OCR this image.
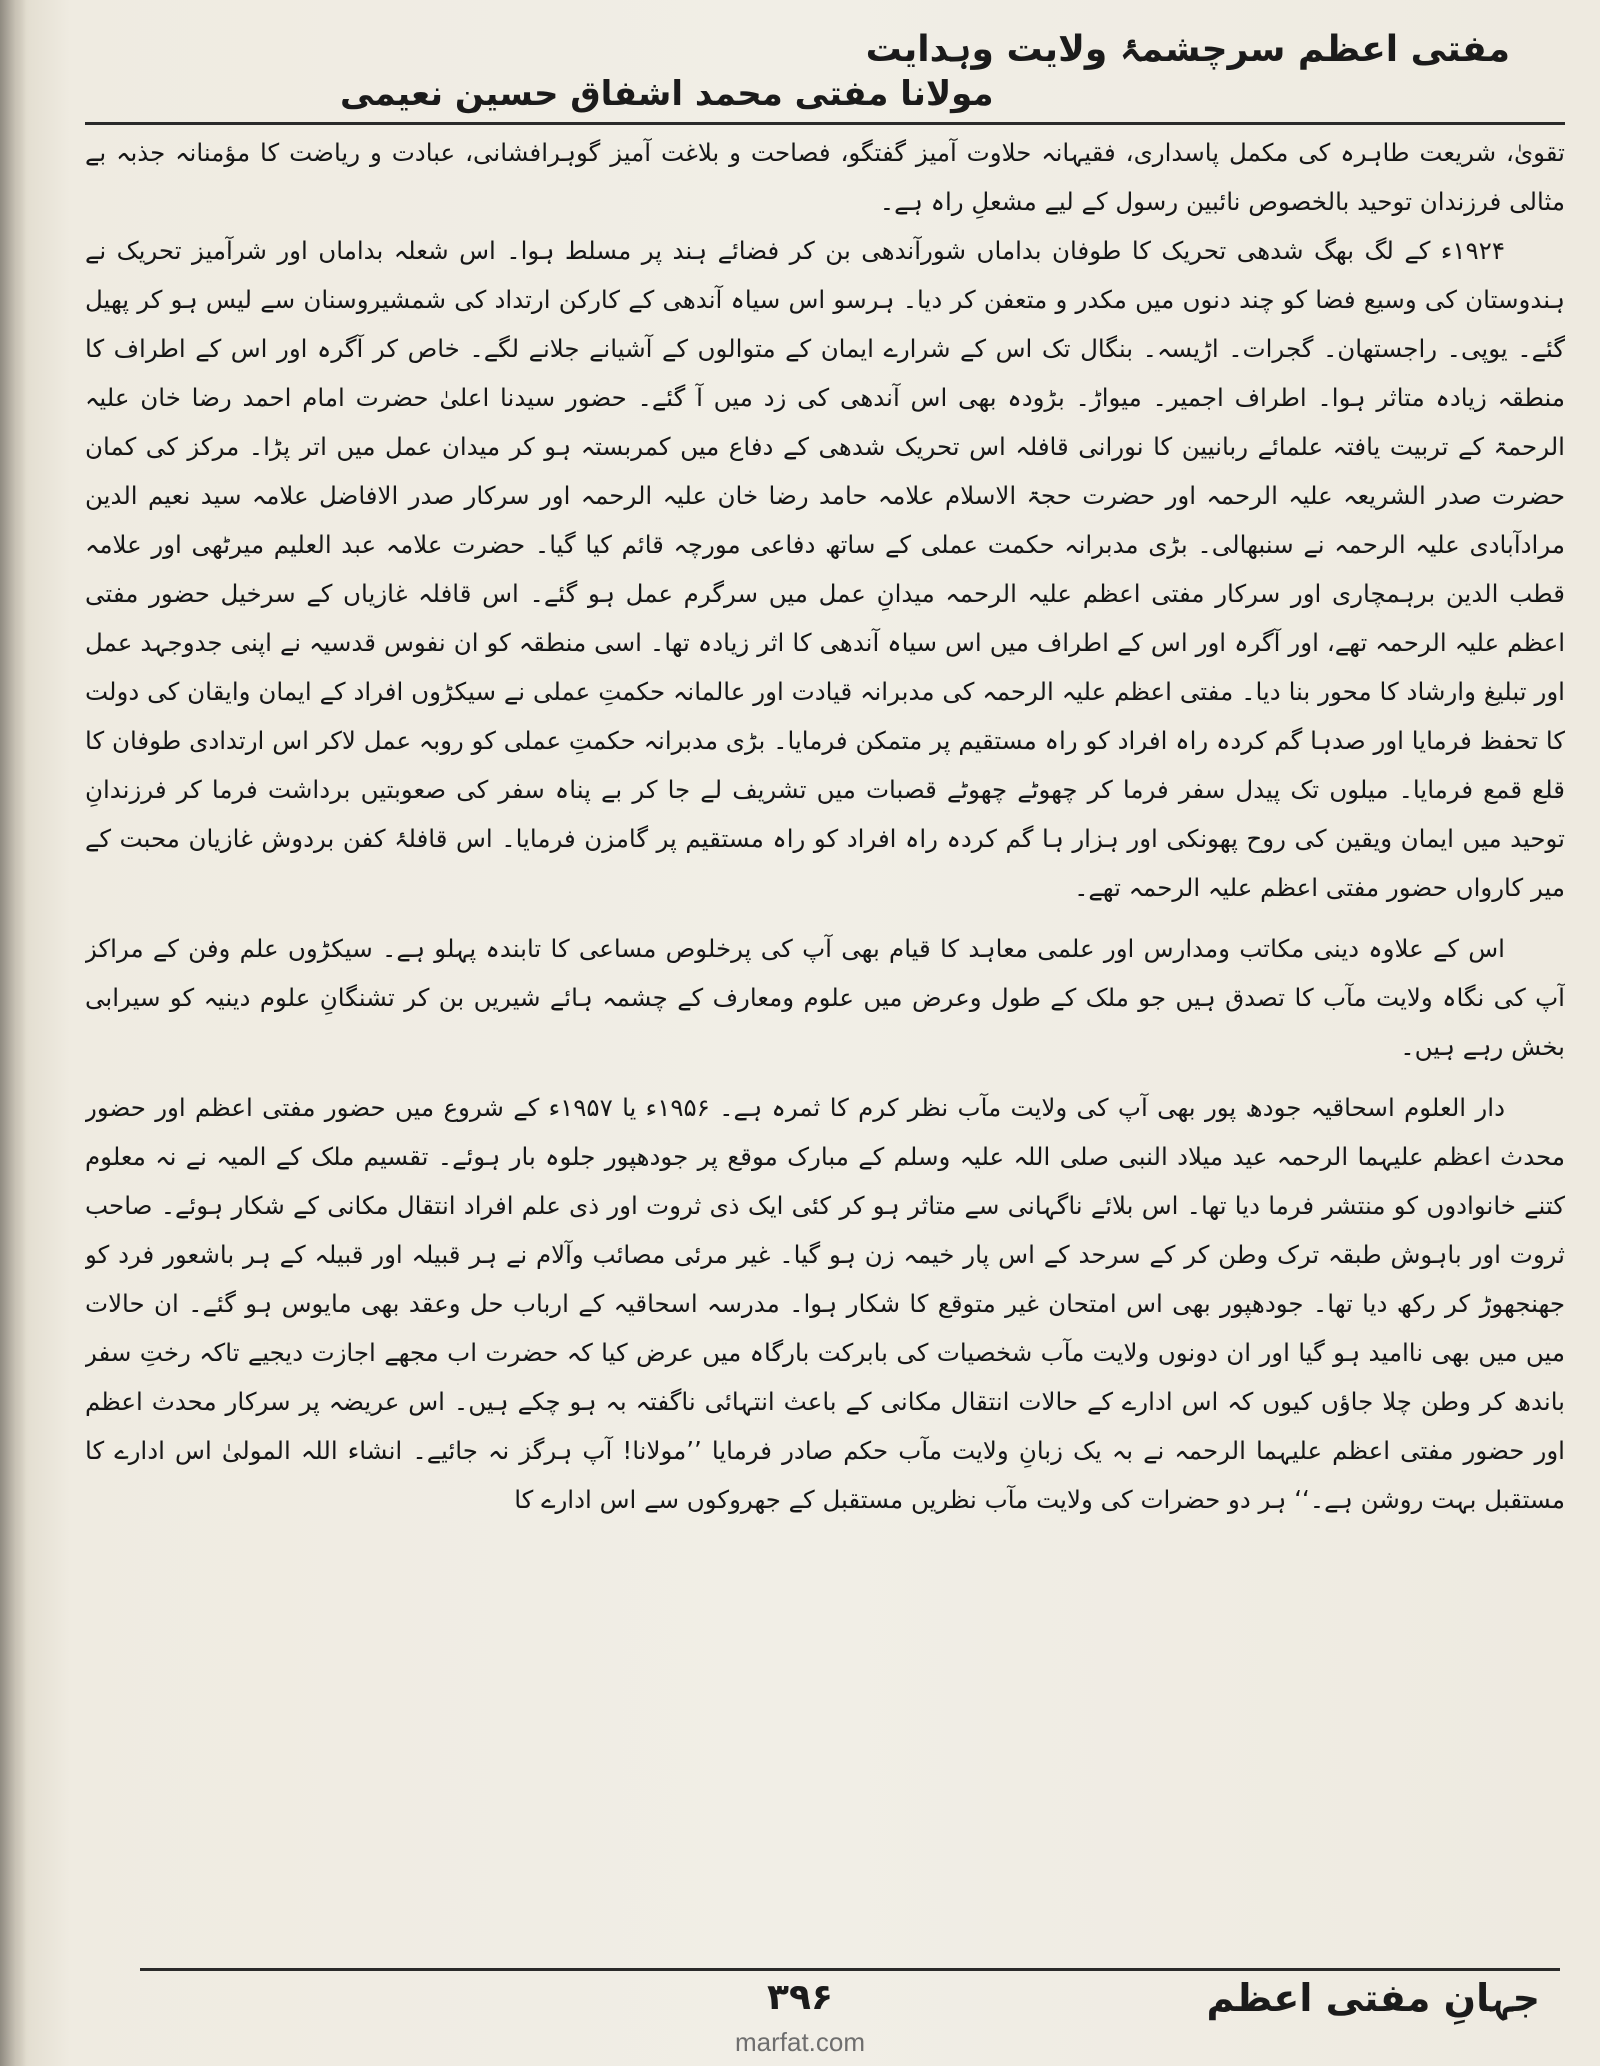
مفتی اعظم سرچشمۂ ولایت وہدایت
مولانا مفتی محمد اشفاق حسین نعیمی

تقویٰ، شریعت طاہرہ کی مکمل پاسداری، فقیہانہ حلاوت آمیز گفتگو، فصاحت و بلاغت آمیز گوہرافشانی، عبادت و ریاضت کا مؤمنانہ جذبہ بے مثالی فرزندان توحید بالخصوص نائبین رسول کے لیے مشعلِ راہ ہے۔

۱۹۲۴ء کے لگ بھگ شدھی تحریک کا طوفان بداماں شورآندھی بن کر فضائے ہند پر مسلط ہوا۔ اس شعلہ بداماں اور شرآمیز تحریک نے ہندوستان کی وسیع فضا کو چند دنوں میں مکدر و متعفن کر دیا۔ ہرسو اس سیاہ آندھی کے کارکن ارتداد کی شمشیروسنان سے لیس ہو کر پھیل گئے۔ یوپی۔ راجستھان۔ گجرات۔ اڑیسہ۔ بنگال تک اس کے شرارے ایمان کے متوالوں کے آشیانے جلانے لگے۔ خاص کر آگرہ اور اس کے اطراف کا منطقہ زیادہ متاثر ہوا۔ اطراف اجمیر۔ میواڑ۔ بڑودہ بھی اس آندھی کی زد میں آ گئے۔ حضور سیدنا اعلیٰ حضرت امام احمد رضا خان علیہ الرحمۃ کے تربیت یافتہ علمائے ربانیین کا نورانی قافلہ اس تحریک شدھی کے دفاع میں کمربستہ ہو کر میدان عمل میں اتر پڑا۔ مرکز کی کمان حضرت صدر الشریعہ علیہ الرحمہ اور حضرت حجۃ الاسلام علامہ حامد رضا خان علیہ الرحمہ اور سرکار صدر الافاضل علامہ سید نعیم الدین مرادآبادی علیہ الرحمہ نے سنبھالی۔ بڑی مدبرانہ حکمت عملی کے ساتھ دفاعی مورچہ قائم کیا گیا۔ حضرت علامہ عبد العلیم میرٹھی اور علامہ قطب الدین برہمچاری اور سرکار مفتی اعظم علیہ الرحمہ میدانِ عمل میں سرگرم عمل ہو گئے۔ اس قافلہ غازیاں کے سرخیل حضور مفتی اعظم علیہ الرحمہ تھے، اور آگرہ اور اس کے اطراف میں اس سیاہ آندھی کا اثر زیادہ تھا۔ اسی منطقہ کو ان نفوس قدسیہ نے اپنی جدوجہد عمل اور تبلیغ وارشاد کا محور بنا دیا۔ مفتی اعظم علیہ الرحمہ کی مدبرانہ قیادت اور عالمانہ حکمتِ عملی نے سیکڑوں افراد کے ایمان وایقان کی دولت کا تحفظ فرمایا اور صدہا گم کردہ راہ افراد کو راہ مستقیم پر متمکن فرمایا۔ بڑی مدبرانہ حکمتِ عملی کو روبہ عمل لاکر اس ارتدادی طوفان کا قلع قمع فرمایا۔ میلوں تک پیدل سفر فرما کر چھوٹے چھوٹے قصبات میں تشریف لے جا کر بے پناہ سفر کی صعوبتیں برداشت فرما کر فرزندانِ توحید میں ایمان ویقین کی روح پھونکی اور ہزار ہا گم کردہ راہ افراد کو راہ مستقیم پر گامزن فرمایا۔ اس قافلۂ کفن بردوش غازیان محبت کے میر کارواں حضور مفتی اعظم علیہ الرحمہ تھے۔

اس کے علاوہ دینی مکاتب ومدارس اور علمی معاہد کا قیام بھی آپ کی پرخلوص مساعی کا تابندہ پہلو ہے۔ سیکڑوں علم وفن کے مراکز آپ کی نگاہ ولایت مآب کا تصدق ہیں جو ملک کے طول وعرض میں علوم ومعارف کے چشمہ ہائے شیریں بن کر تشنگانِ علوم دینیہ کو سیرابی بخش رہے ہیں۔

دار العلوم اسحاقیہ جودھ پور بھی آپ کی ولایت مآب نظر کرم کا ثمرہ ہے۔ ۱۹۵۶ء یا ۱۹۵۷ء کے شروع میں حضور مفتی اعظم اور حضور محدث اعظم علیہما الرحمہ عید میلاد النبی صلی اللہ علیہ وسلم کے مبارک موقع پر جودھپور جلوہ بار ہوئے۔ تقسیم ملک کے المیہ نے نہ معلوم کتنے خانوادوں کو منتشر فرما دیا تھا۔ اس بلائے ناگہانی سے متاثر ہو کر کئی ایک ذی ثروت اور ذی علم افراد انتقال مکانی کے شکار ہوئے۔ صاحب ثروت اور باہوش طبقہ ترک وطن کر کے سرحد کے اس پار خیمہ زن ہو گیا۔ غیر مرئی مصائب وآلام نے ہر قبیلہ اور قبیلہ کے ہر باشعور فرد کو جھنجھوڑ کر رکھ دیا تھا۔ جودھپور بھی اس امتحان غیر متوقع کا شکار ہوا۔ مدرسہ اسحاقیہ کے ارباب حل وعقد بھی مایوس ہو گئے۔ ان حالات میں میں بھی ناامید ہو گیا اور ان دونوں ولایت مآب شخصیات کی بابرکت بارگاہ میں عرض کیا کہ حضرت اب مجھے اجازت دیجیے تاکہ رختِ سفر باندھ کر وطن چلا جاؤں کیوں کہ اس ادارے کے حالات انتقال مکانی کے باعث انتہائی ناگفتہ بہ ہو چکے ہیں۔ اس عریضہ پر سرکار محدث اعظم اور حضور مفتی اعظم علیہما الرحمہ نے بہ یک زبانِ ولایت مآب حکم صادر فرمایا ’’مولانا! آپ ہرگز نہ جائیے۔ انشاء اللہ المولیٰ اس ادارے کا مستقبل بہت روشن ہے۔‘‘ ہر دو حضرات کی ولایت مآب نظریں مستقبل کے جھروکوں سے اس ادارے کا

۳۹۶	جہانِ مفتی اعظم
marfat.com
